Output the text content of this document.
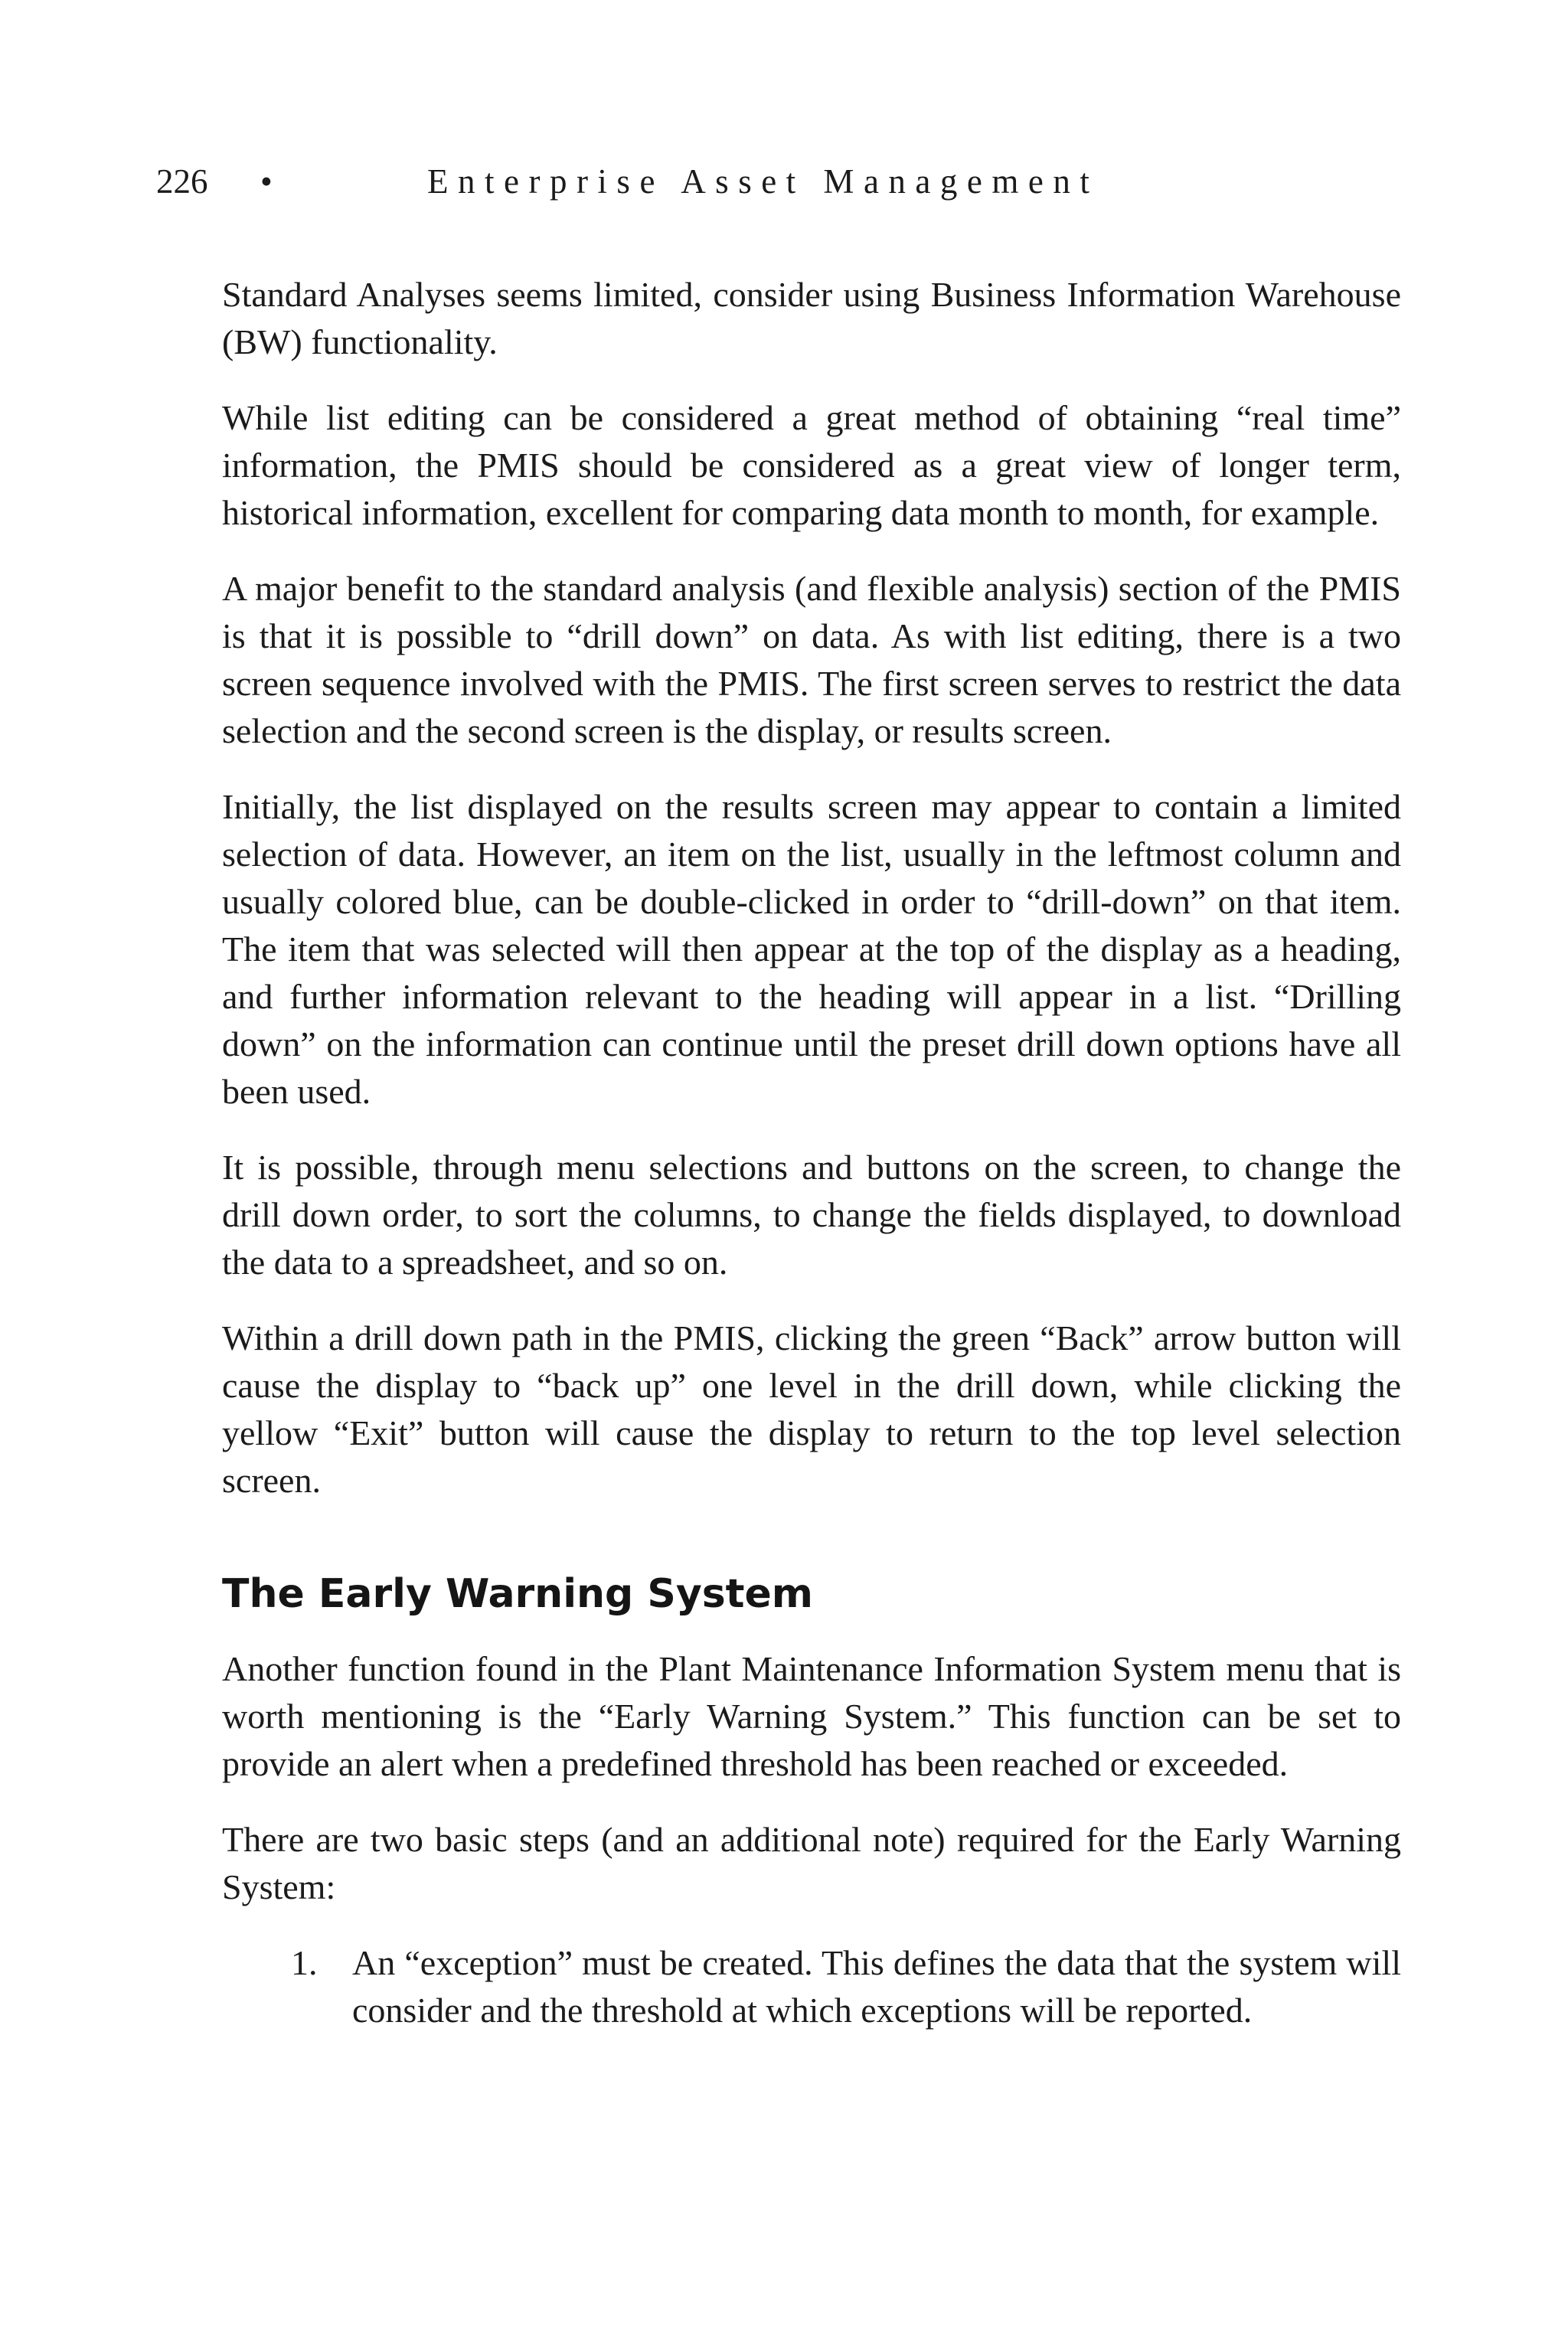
226 •	Enterprise Asset Management

Standard Analyses seems limited, consider using Business Information Warehouse (BW) functionality.

While list editing can be considered a great method of obtaining “real time” information, the PMIS should be considered as a great view of longer term, historical information, excellent for comparing data month to month, for example.

A major benefit to the standard analysis (and flexible analysis) section of the PMIS is that it is possible to “drill down” on data. As with list editing, there is a two screen sequence involved with the PMIS. The first screen serves to restrict the data selection and the second screen is the display, or results screen.

Initially, the list displayed on the results screen may appear to contain a limited selection of data. However, an item on the list, usually in the leftmost column and usually colored blue, can be double-clicked in order to “drill-down” on that item. The item that was selected will then appear at the top of the display as a heading, and further information relevant to the heading will appear in a list. “Drilling down” on the information can continue until the preset drill down options have all been used.

It is possible, through menu selections and buttons on the screen, to change the drill down order, to sort the columns, to change the fields displayed, to download the data to a spreadsheet, and so on.

Within a drill down path in the PMIS, clicking the green “Back” arrow button will cause the display to “back up” one level in the drill down, while clicking the yellow “Exit” button will cause the display to return to the top level selection screen.

The Early Warning System

Another function found in the Plant Maintenance Information System menu that is worth mentioning is the “Early Warning System.” This function can be set to provide an alert when a predefined threshold has been reached or exceeded.

There are two basic steps (and an additional note) required for the Early Warning System:

1. An “exception” must be created. This defines the data that the system will consider and the threshold at which exceptions will be reported.
